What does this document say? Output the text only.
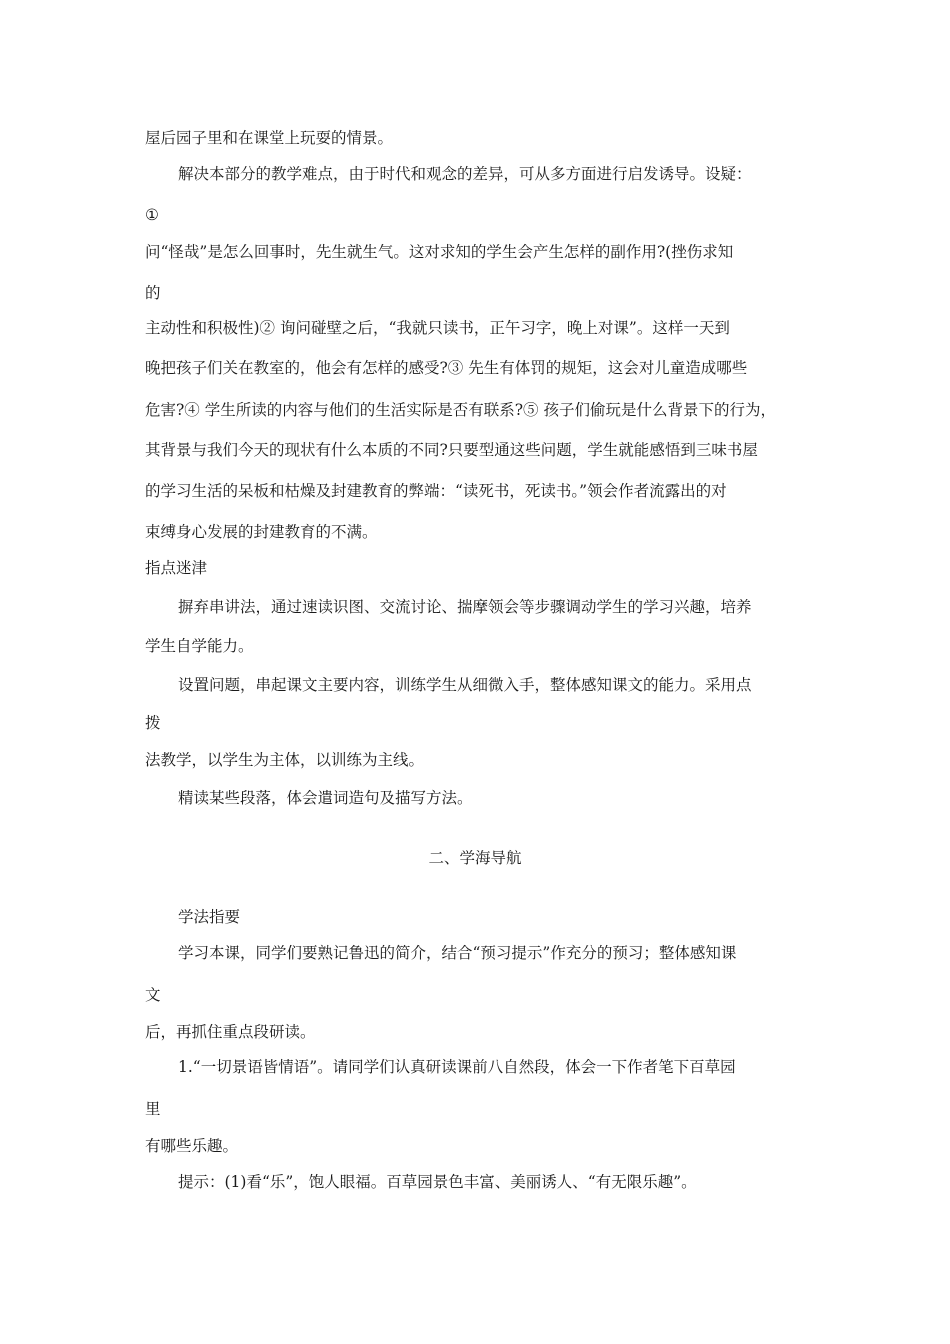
屋后园子里和在课堂上玩耍的情景。
解决本部分的教学难点，由于时代和观念的差异，可从多方面进行启发诱导。设疑：
①
问“怪哉”是怎么回事时，先生就生气。这对求知的学生会产生怎样的副作用?(挫伤求知
的
主动性和积极性)② 询问碰壁之后，“我就只读书，正午习字，晚上对课”。这样一天到
晚把孩子们关在教室的，他会有怎样的感受?③ 先生有体罚的规矩，这会对儿童造成哪些
危害?④ 学生所读的内容与他们的生活实际是否有联系?⑤ 孩子们偷玩是什么背景下的行为，
其背景与我们今天的现状有什么本质的不同?只要型通这些问题，学生就能感悟到三味书屋
的学习生活的呆板和枯燥及封建教育的弊端：“读死书，死读书。”领会作者流露出的对
束缚身心发展的封建教育的不满。
指点迷津
摒弃串讲法，通过速读识图、交流讨论、揣摩领会等步骤调动学生的学习兴趣，培养
学生自学能力。
设置问题，串起课文主要内容，训练学生从细微入手，整体感知课文的能力。采用点
拨
法教学，以学生为主体，以训练为主线。
精读某些段落，体会遣词造句及描写方法。
二、学海导航
学法指要
学习本课，同学们要熟记鲁迅的简介，结合“预习提示”作充分的预习；整体感知课
文
后，再抓住重点段研读。
1.“一切景语皆情语”。请同学们认真研读课前八自然段，体会一下作者笔下百草园
里
有哪些乐趣。
提示：(1)看“乐”，饱人眼福。百草园景色丰富、美丽诱人、“有无限乐趣”。
